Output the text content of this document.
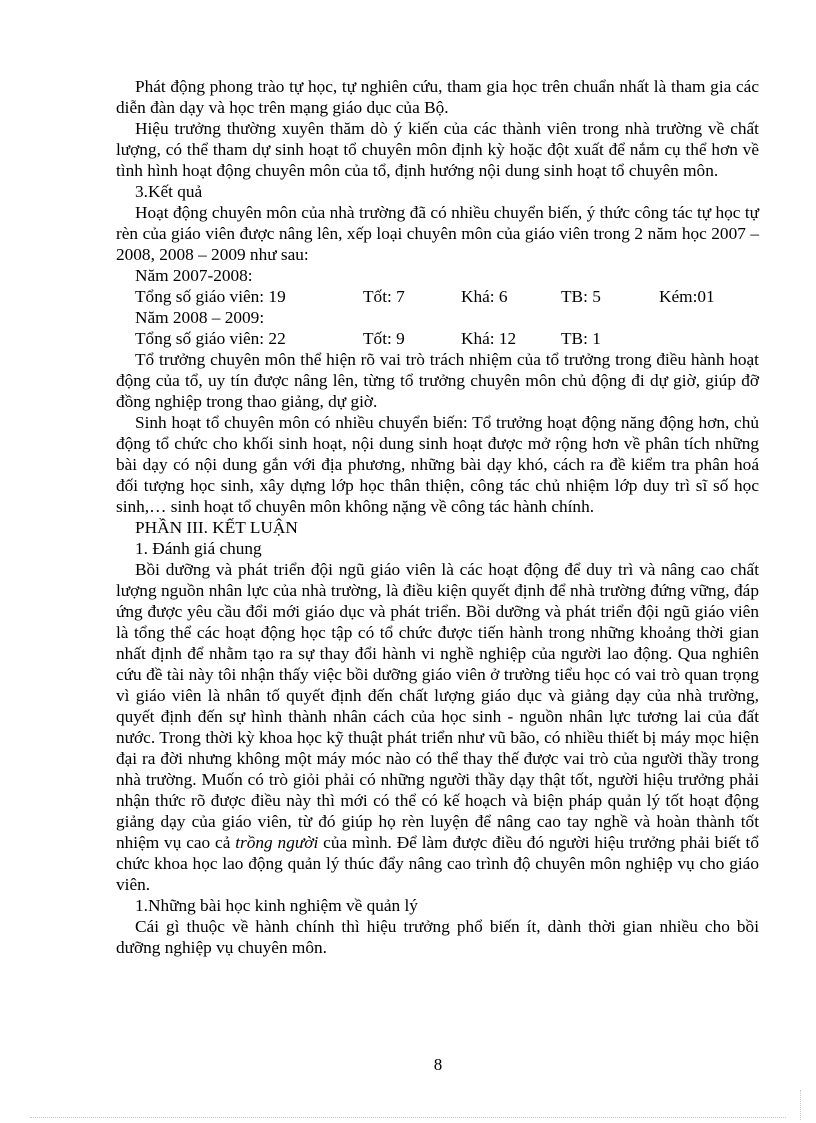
Phát động phong trào tự học, tự nghiên cứu, tham gia học trên chuẩn nhất là tham gia các diễn đàn dạy và học trên mạng giáo dục của Bộ.

Hiệu trưởng thường xuyên thăm dò ý kiến của các thành viên trong nhà trường về chất lượng, có thể tham dự sinh hoạt tổ chuyên môn định kỳ hoặc đột xuất để nắm cụ thể hơn về tình hình hoạt động chuyên môn của tổ, định hướng nội dung sinh hoạt tổ chuyên môn.

3.Kết quả

Hoạt động chuyên môn của nhà trường đã có nhiều chuyển biến, ý thức công tác tự học tự rèn của giáo viên được nâng lên, xếp loại chuyên môn của giáo viên trong 2 năm học 2007 – 2008, 2008 – 2009 như sau:

Năm 2007-2008:

Tổng số giáo viên: 19	Tốt: 7	Khá: 6	TB: 5	Kém:01

Năm 2008 – 2009:

Tổng số giáo viên: 22	Tốt: 9	Khá: 12	TB: 1

Tổ trưởng chuyên môn thể hiện rõ vai trò trách nhiệm của tổ trưởng trong điều hành hoạt động của tổ, uy tín được nâng lên, từng tổ trưởng chuyên môn chủ động đi dự giờ, giúp đỡ đồng nghiệp trong thao giảng, dự giờ.

Sinh hoạt tổ chuyên môn có nhiều chuyển biến: Tổ trưởng hoạt động năng động hơn, chủ động tổ chức cho khối sinh hoạt, nội dung sinh hoạt được mở rộng hơn về phân tích những bài dạy có nội dung gắn với địa phương, những bài dạy khó, cách ra đề kiểm tra phân hoá đối tượng học sinh, xây dựng lớp học thân thiện, công tác chủ nhiệm lớp duy trì sĩ số học sinh,… sinh hoạt tổ chuyên môn không nặng về công tác hành chính.

PHẦN III. KẾT LUẬN

1. Đánh giá chung

Bồi dưỡng và phát triển đội ngũ giáo viên là các hoạt động để duy trì và nâng cao chất lượng nguồn nhân lực của nhà trường, là điều kiện quyết định để nhà trường đứng vững, đáp ứng được yêu cầu đổi mới giáo dục và phát triển. Bồi dưỡng và phát triển đội ngũ giáo viên là tổng thể các hoạt động học tập có tổ chức được tiến hành trong những khoảng thời gian nhất định để nhằm tạo ra sự thay đổi hành vi nghề nghiệp của người lao động. Qua nghiên cứu đề tài này tôi nhận thấy việc bồi dưỡng giáo viên ở trường tiểu học có vai trò quan trọng vì giáo viên là nhân tố quyết định đến chất lượng giáo dục và giảng dạy của nhà trường, quyết định đến sự hình thành nhân cách của học sinh - nguồn nhân lực tương lai của đất nước. Trong thời kỳ khoa học kỹ thuật phát triển như vũ bão, có nhiều thiết bị máy mọc hiện đại ra đời nhưng không một máy móc nào có thể thay thế được vai trò của người thầy trong nhà trường. Muốn có trò giỏi phải có những người thầy dạy thật tốt, người hiệu trưởng phải nhận thức rõ được điều này thì mới có thể có kế hoạch và biện pháp quản lý tốt hoạt động giảng dạy của giáo viên, từ đó giúp họ rèn luyện để nâng cao tay nghề và hoàn thành tốt nhiệm vụ cao cả trồng người của mình. Để làm được điều đó người hiệu trưởng phải biết tổ chức khoa học lao động quản lý thúc đẩy nâng cao trình độ chuyên môn nghiệp vụ cho giáo viên.

1.Những bài học kinh nghiệm về quản lý

Cái gì thuộc về hành chính thì hiệu trưởng phổ biến ít, dành thời gian nhiều cho bồi dưỡng nghiệp vụ chuyên môn.

8
